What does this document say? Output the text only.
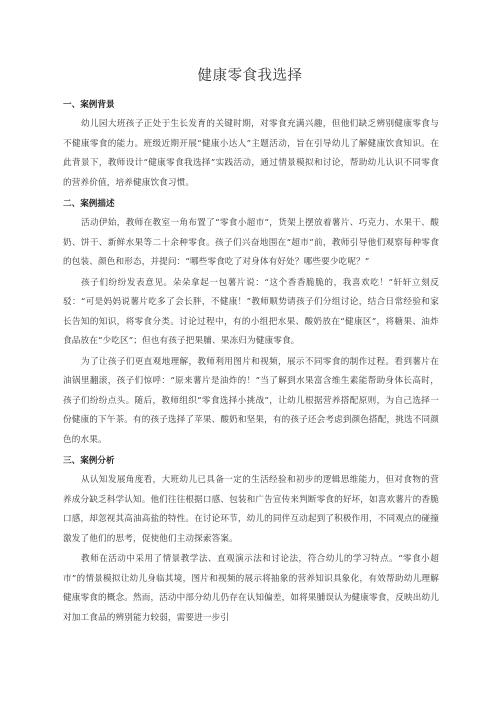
健康零食我选择
一、案例背景

幼儿园大班孩子正处于生长发育的关键时期，对零食充满兴趣，但他们缺乏辨别健康零食与不健康零食的能力。班级近期开展“健康小达人”主题活动，旨在引导幼儿了解健康饮食知识。在此背景下，教师设计“健康零食我选择”实践活动，通过情景模拟和讨论，帮助幼儿认识不同零食的营养价值，培养健康饮食习惯。

二、案例描述

活动伊始，教师在教室一角布置了“零食小超市”，货架上摆放着薯片、巧克力、水果干、酸奶、饼干、新鲜水果等二十余种零食。孩子们兴奋地围在“超市”前，教师引导他们观察每种零食的包装、颜色和形态，并提问：“哪些零食吃了对身体有好处？哪些要少吃呢？”

孩子们纷纷发表意见。朵朵拿起一包薯片说：“这个香香脆脆的，我喜欢吃！”轩轩立刻反驳：“可是妈妈说薯片吃多了会长胖，不健康！”教师顺势请孩子们分组讨论，结合日常经验和家长告知的知识，将零食分类。讨论过程中，有的小组把水果、酸奶放在“健康区”，将糖果、油炸食品放在“少吃区”；但也有孩子把果脯、果冻归为健康零食。

为了让孩子们更直观地理解，教师利用图片和视频，展示不同零食的制作过程。看到薯片在油锅里翻滚，孩子们惊呼：“原来薯片是油炸的！”当了解到水果富含维生素能帮助身体长高时，孩子们纷纷点头。随后，教师组织“零食选择小挑战”，让幼儿根据营养搭配原则，为自己选择一份健康的下午茶。有的孩子选择了苹果、酸奶和坚果，有的孩子还会考虑到颜色搭配，挑选不同颜色的水果。

三、案例分析

从认知发展角度看，大班幼儿已具备一定的生活经验和初步的逻辑思维能力，但对食物的营养成分缺乏科学认知。他们往往根据口感、包装和广告宣传来判断零食的好坏，如喜欢薯片的香脆口感，却忽视其高油高盐的特性。在讨论环节，幼儿的同伴互动起到了积极作用，不同观点的碰撞激发了他们的思考，促使他们主动探索答案。

教师在活动中采用了情景教学法、直观演示法和讨论法，符合幼儿的学习特点。“零食小超市”的情景模拟让幼儿身临其境，图片和视频的展示将抽象的营养知识具象化，有效帮助幼儿理解健康零食的概念。然而，活动中部分幼儿仍存在认知偏差，如将果脯误认为健康零食，反映出幼儿对加工食品的辨别能力较弱，需要进一步引
